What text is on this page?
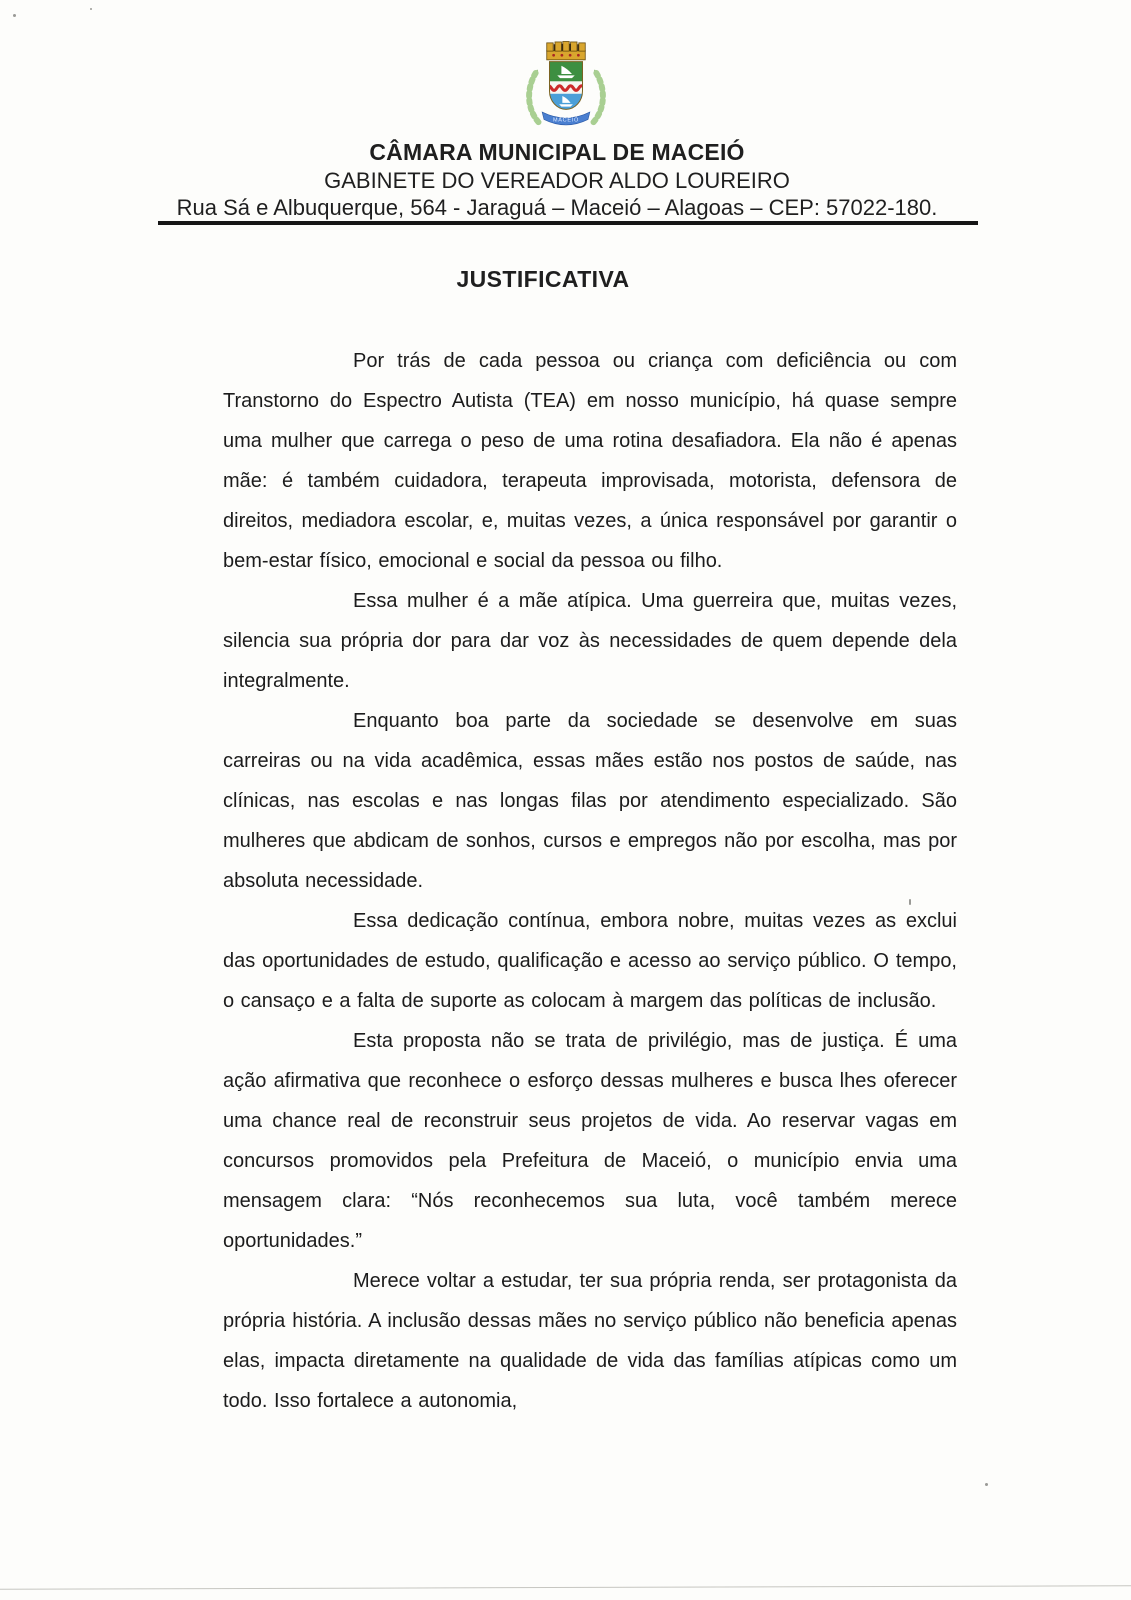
MACEIÓ
CÂMARA MUNICIPAL DE MACEIÓ
GABINETE DO VEREADOR ALDO LOUREIRO
Rua Sá e Albuquerque, 564 - Jaraguá – Maceió – Alagoas – CEP: 57022-180.
JUSTIFICATIVA

Por trás de cada pessoa ou criança com deficiência ou com Transtorno do Espectro Autista (TEA) em nosso município, há quase sempre uma mulher que carrega o peso de uma rotina desafiadora. Ela não é apenas mãe: é também cuidadora, terapeuta improvisada, motorista, defensora de direitos, mediadora escolar, e, muitas vezes, a única responsável por garantir o bem-estar físico, emocional e social da pessoa ou filho.

Essa mulher é a mãe atípica. Uma guerreira que, muitas vezes, silencia sua própria dor para dar voz às necessidades de quem depende dela integralmente.

Enquanto boa parte da sociedade se desenvolve em suas carreiras ou na vida acadêmica, essas mães estão nos postos de saúde, nas clínicas, nas escolas e nas longas filas por atendimento especializado. São mulheres que abdicam de sonhos, cursos e empregos não por escolha, mas por absoluta necessidade.

Essa dedicação contínua, embora nobre, muitas vezes as exclui das oportunidades de estudo, qualificação e acesso ao serviço público. O tempo, o cansaço e a falta de suporte as colocam à margem das políticas de inclusão.

Esta proposta não se trata de privilégio, mas de justiça. É uma ação afirmativa que reconhece o esforço dessas mulheres e busca lhes oferecer uma chance real de reconstruir seus projetos de vida. Ao reservar vagas em concursos promovidos pela Prefeitura de Maceió, o município envia uma mensagem clara: “Nós reconhecemos sua luta, você também merece oportunidades.”

Merece voltar a estudar, ter sua própria renda, ser protagonista da própria história. A inclusão dessas mães no serviço público não beneficia apenas elas, impacta diretamente na qualidade de vida das famílias atípicas como um todo. Isso fortalece a autonomia,
